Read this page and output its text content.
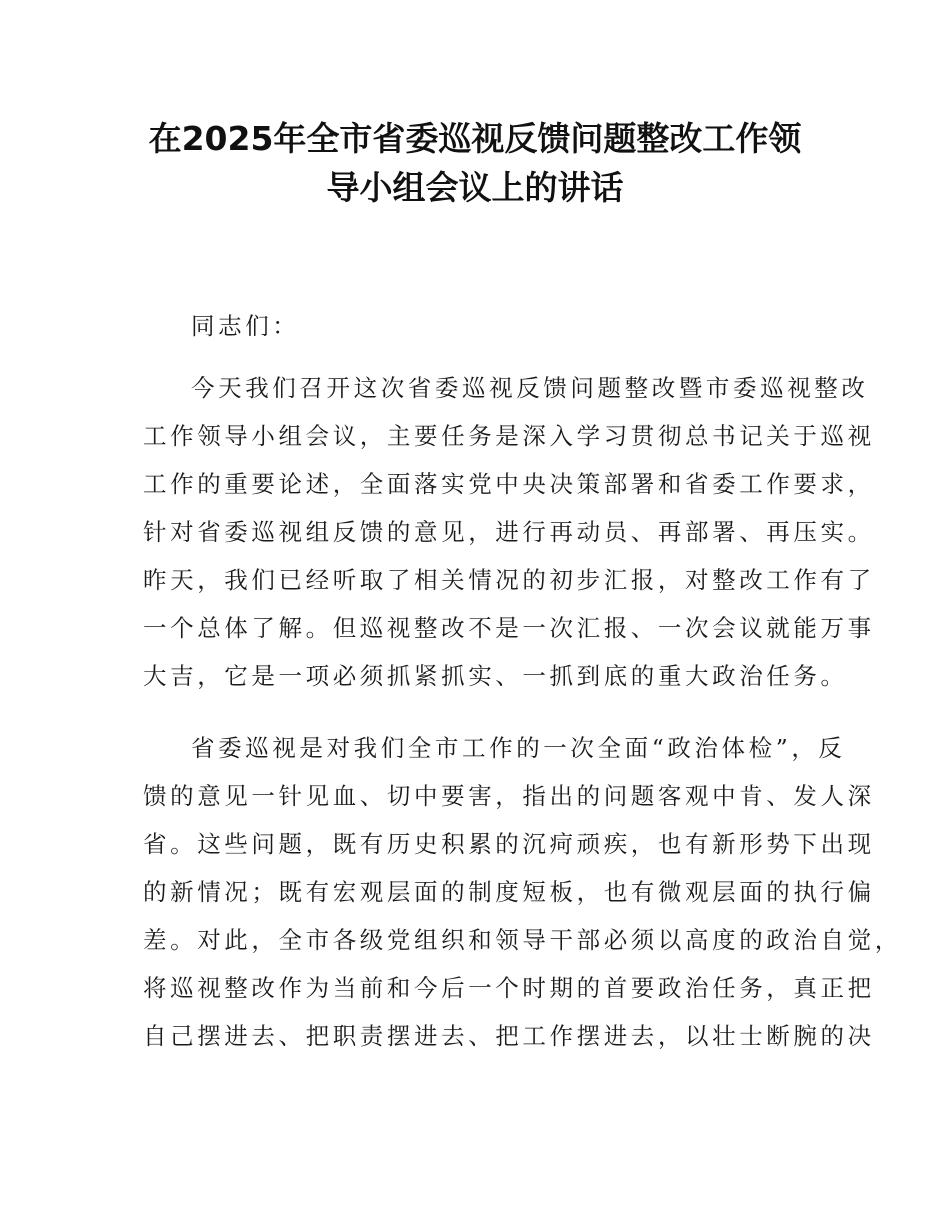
在2025年全市省委巡视反馈问题整改工作领
导小组会议上的讲话
同志们：
今天我们召开这次省委巡视反馈问题整改暨市委巡视整改
工作领导小组会议，主要任务是深入学习贯彻总书记关于巡视
工作的重要论述，全面落实党中央决策部署和省委工作要求，
针对省委巡视组反馈的意见，进行再动员、再部署、再压实。
昨天，我们已经听取了相关情况的初步汇报，对整改工作有了
一个总体了解。但巡视整改不是一次汇报、一次会议就能万事
大吉，它是一项必须抓紧抓实、一抓到底的重大政治任务。
省委巡视是对我们全市工作的一次全面“政治体检”，反
馈的意见一针见血、切中要害，指出的问题客观中肯、发人深
省。这些问题，既有历史积累的沉疴顽疾，也有新形势下出现
的新情况；既有宏观层面的制度短板，也有微观层面的执行偏
差。对此，全市各级党组织和领导干部必须以高度的政治自觉，
将巡视整改作为当前和今后一个时期的首要政治任务，真正把
自己摆进去、把职责摆进去、把工作摆进去，以壮士断腕的决
